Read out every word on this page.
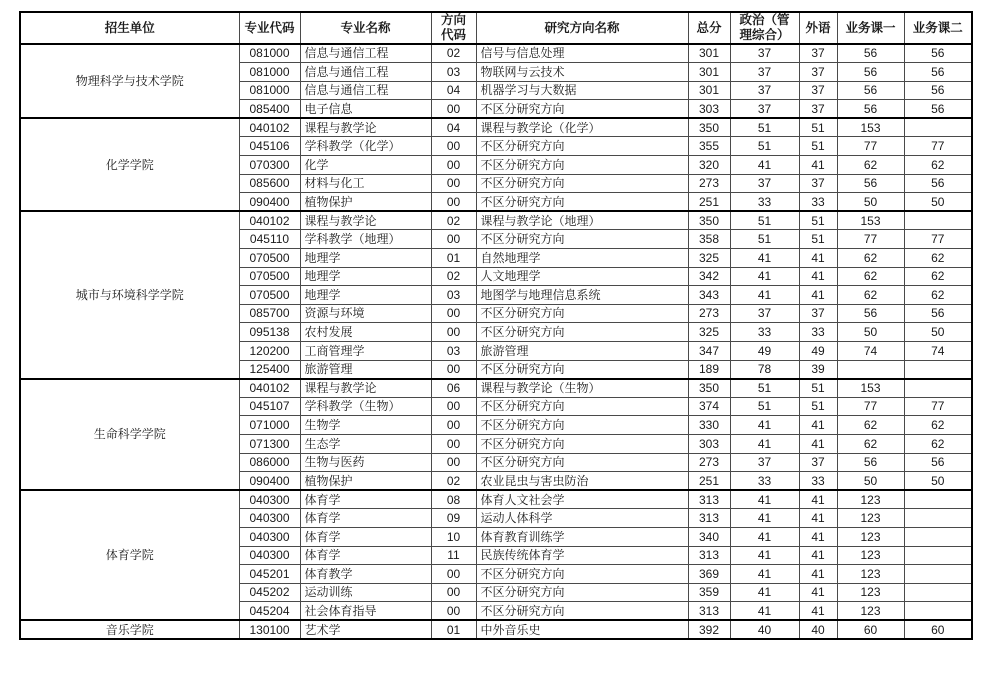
招生单位	专业代码	专业名称	方向代码	研究方向名称	总分	政治（管理综合）	外语	业务课一	业务课二
物理科学与技术学院	081000	信息与通信工程	02	信号与信息处理	301	37	37	56	56
	081000	信息与通信工程	03	物联网与云技术	301	37	37	56	56
	081000	信息与通信工程	04	机器学习与大数据	301	37	37	56	56
	085400	电子信息	00	不区分研究方向	303	37	37	56	56
化学学院	040102	课程与教学论	04	课程与教学论（化学）	350	51	51	153	
	045106	学科教学（化学）	00	不区分研究方向	355	51	51	77	77
	070300	化学	00	不区分研究方向	320	41	41	62	62
	085600	材料与化工	00	不区分研究方向	273	37	37	56	56
	090400	植物保护	00	不区分研究方向	251	33	33	50	50
城市与环境科学学院	040102	课程与教学论	02	课程与教学论（地理）	350	51	51	153	
	045110	学科教学（地理）	00	不区分研究方向	358	51	51	77	77
	070500	地理学	01	自然地理学	325	41	41	62	62
	070500	地理学	02	人文地理学	342	41	41	62	62
	070500	地理学	03	地图学与地理信息系统	343	41	41	62	62
	085700	资源与环境	00	不区分研究方向	273	37	37	56	56
	095138	农村发展	00	不区分研究方向	325	33	33	50	50
	120200	工商管理学	03	旅游管理	347	49	49	74	74
	125400	旅游管理	00	不区分研究方向	189	78	39		
生命科学学院	040102	课程与教学论	06	课程与教学论（生物）	350	51	51	153	
	045107	学科教学（生物）	00	不区分研究方向	374	51	51	77	77
	071000	生物学	00	不区分研究方向	330	41	41	62	62
	071300	生态学	00	不区分研究方向	303	41	41	62	62
	086000	生物与医药	00	不区分研究方向	273	37	37	56	56
	090400	植物保护	02	农业昆虫与害虫防治	251	33	33	50	50
体育学院	040300	体育学	08	体育人文社会学	313	41	41	123	
	040300	体育学	09	运动人体科学	313	41	41	123	
	040300	体育学	10	体育教育训练学	340	41	41	123	
	040300	体育学	11	民族传统体育学	313	41	41	123	
	045201	体育教学	00	不区分研究方向	369	41	41	123	
	045202	运动训练	00	不区分研究方向	359	41	41	123	
	045204	社会体育指导	00	不区分研究方向	313	41	41	123	
音乐学院	130100	艺术学	01	中外音乐史	392	40	40	60	60
